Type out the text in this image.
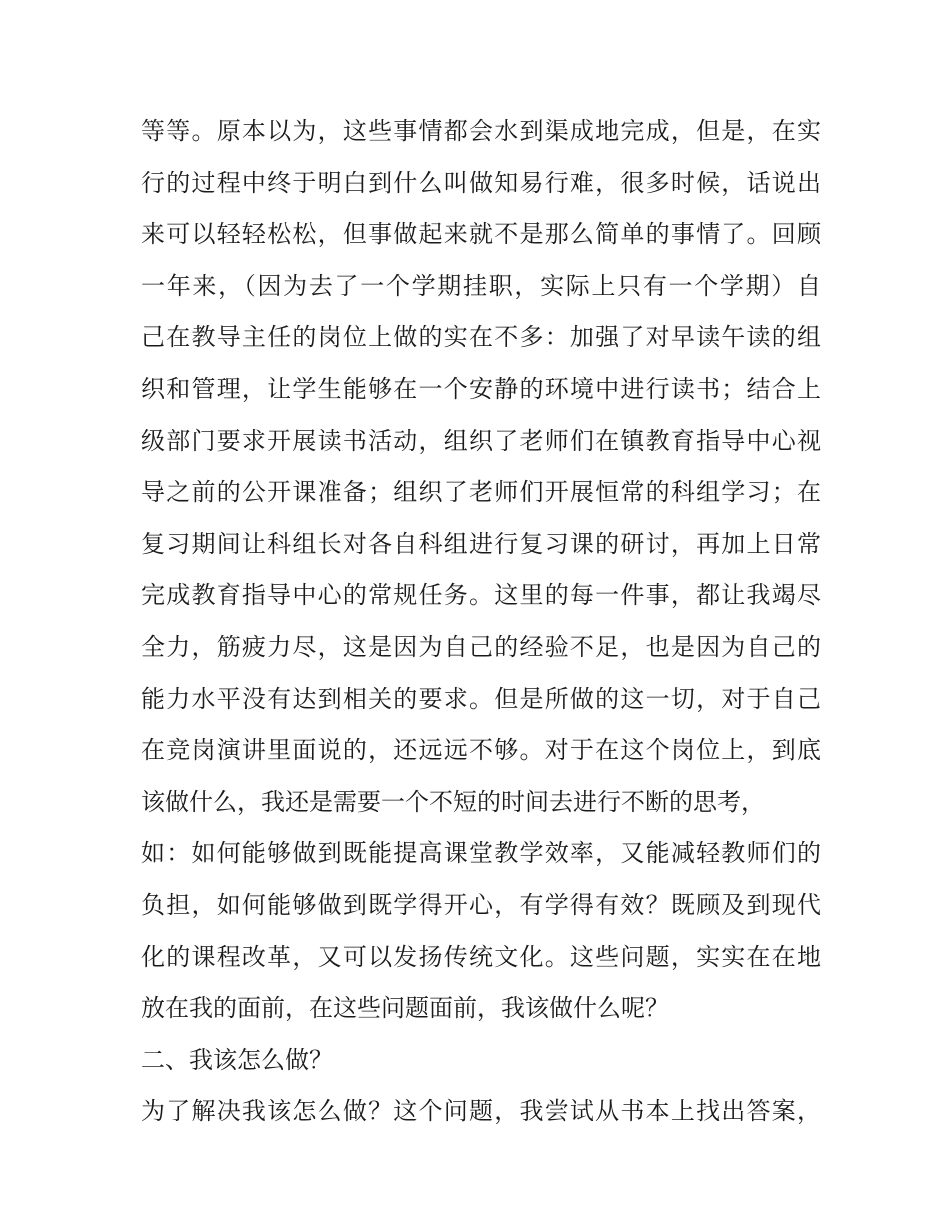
等等。原本以为，这些事情都会水到渠成地完成，但是，在实
行的过程中终于明白到什么叫做知易行难，很多时候，话说出
来可以轻轻松松，但事做起来就不是那么简单的事情了。回顾
一年来，（因为去了一个学期挂职，实际上只有一个学期）自
己在教导主任的岗位上做的实在不多：加强了对早读午读的组
织和管理，让学生能够在一个安静的环境中进行读书；结合上
级部门要求开展读书活动，组织了老师们在镇教育指导中心视
导之前的公开课准备；组织了老师们开展恒常的科组学习；在
复习期间让科组长对各自科组进行复习课的研讨，再加上日常
完成教育指导中心的常规任务。这里的每一件事，都让我竭尽
全力，筋疲力尽，这是因为自己的经验不足，也是因为自己的
能力水平没有达到相关的要求。但是所做的这一切，对于自己
在竞岗演讲里面说的，还远远不够。对于在这个岗位上，到底
该做什么，我还是需要一个不短的时间去进行不断的思考，
如：如何能够做到既能提高课堂教学效率，又能减轻教师们的
负担，如何能够做到既学得开心，有学得有效？既顾及到现代
化的课程改革，又可以发扬传统文化。这些问题，实实在在地
放在我的面前，在这些问题面前，我该做什么呢？
二、我该怎么做？
为了解决我该怎么做？这个问题，我尝试从书本上找出答案，
